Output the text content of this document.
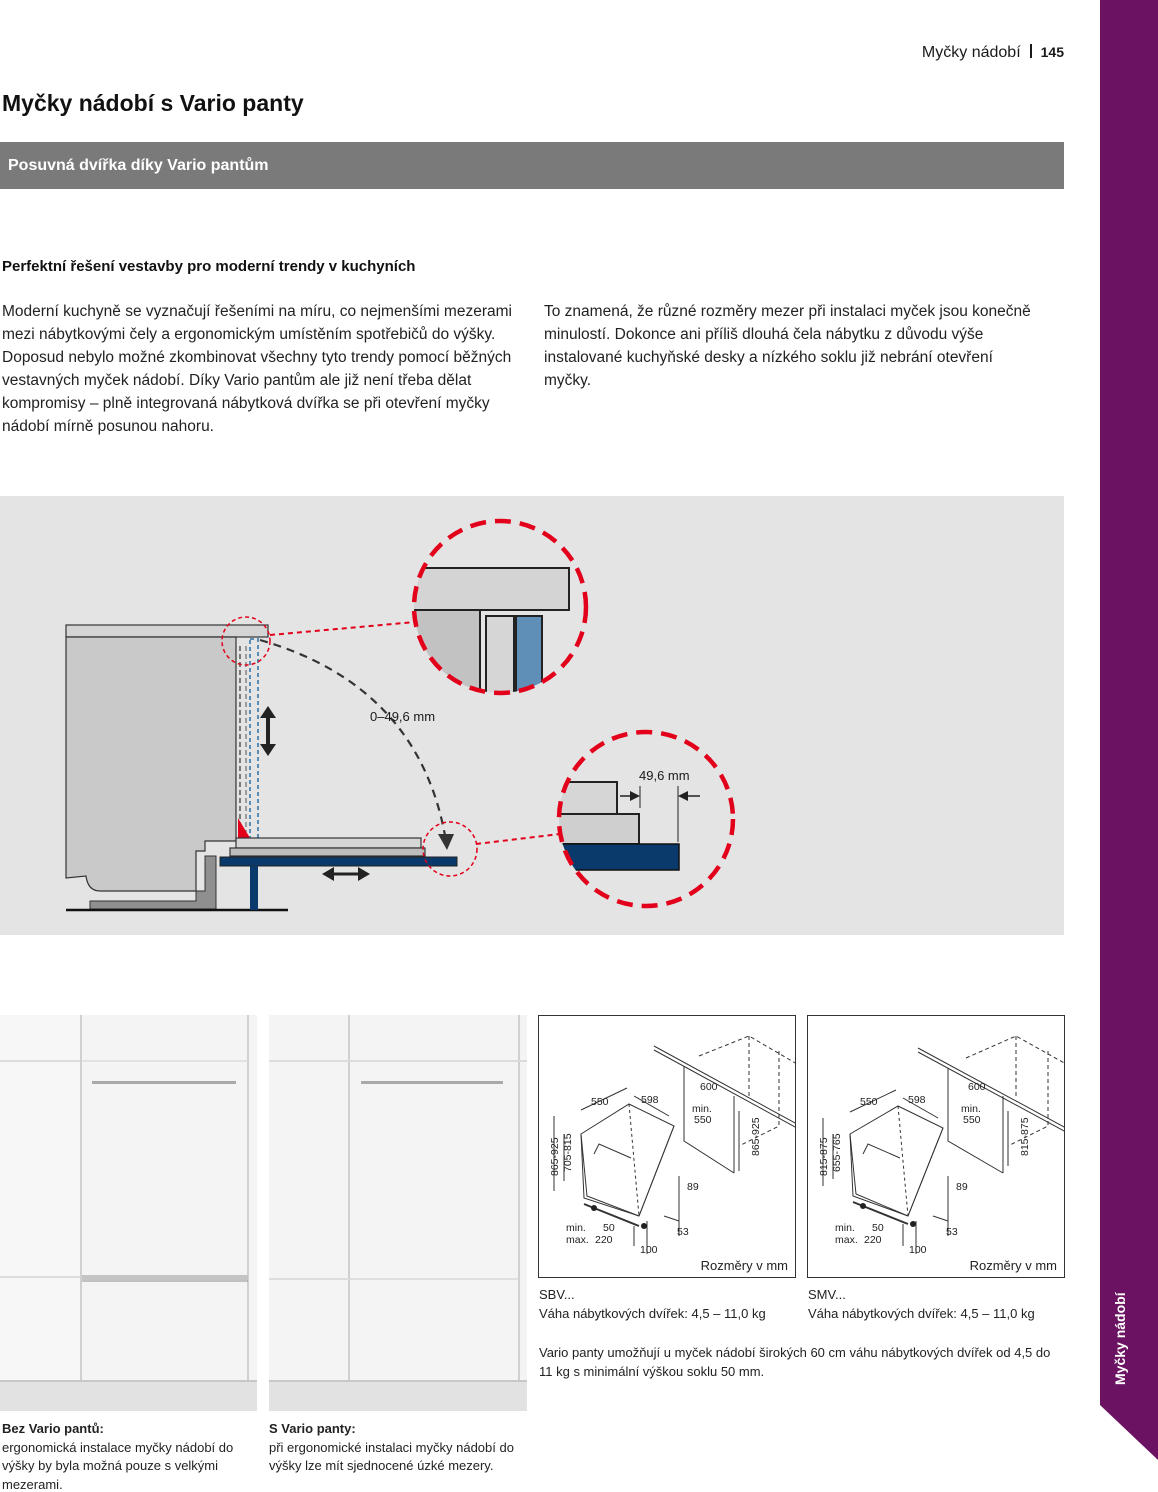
Myčky nádobí 145
Myčky nádobí s Vario panty
Posuvná dvířka díky Vario pantům
Perfektní řešení vestavby pro moderní trendy v kuchyních

Moderní kuchyně se vyznačují řešeními na míru, co nejmenšími mezerami mezi nábytkovými čely a ergonomickým umístěním spotřebičů do výšky. Doposud nebylo možné zkombinovat všechny tyto trendy pomocí běžných vestavných myček nádobí. Díky Vario pantům ale již není třeba dělat kompromisy – plně integrovaná nábytková dvířka se při otevření myčky nádobí mírně posunou nahoru.

To znamená, že různé rozměry mezer při instalaci myček jsou konečně minulostí. Dokonce ani příliš dlouhá čela nábytku z důvodu výše instalované kuchyňské desky a nízkého soklu již nebrání otevření myčky.

0–49,6 mm
49,6 mm
Bez Vario pantů:
ergonomická instalace myčky nádobí do výšky by byla možná pouze s velkými mezerami.
S Vario panty:
při ergonomické instalaci myčky nádobí do výšky lze mít sjednocené úzké mezery.
550	598
600
min.
550
865-925 705-815	865-925
89
53
100
min. 50
max. 220
Rozměry v mm
550	598
600
min.
550
815-875 655-765	815-875
89
53
100
min. 50
max. 220
Rozměry v mm
SBV...
Váha nábytkových dvířek: 4,5 – 11,0 kg
SMV...
Váha nábytkových dvířek: 4,5 – 11,0 kg

Vario panty umožňují u myček nádobí širokých 60 cm váhu nábytkových dvířek od 4,5 do 11 kg s minimální výškou soklu 50 mm.
